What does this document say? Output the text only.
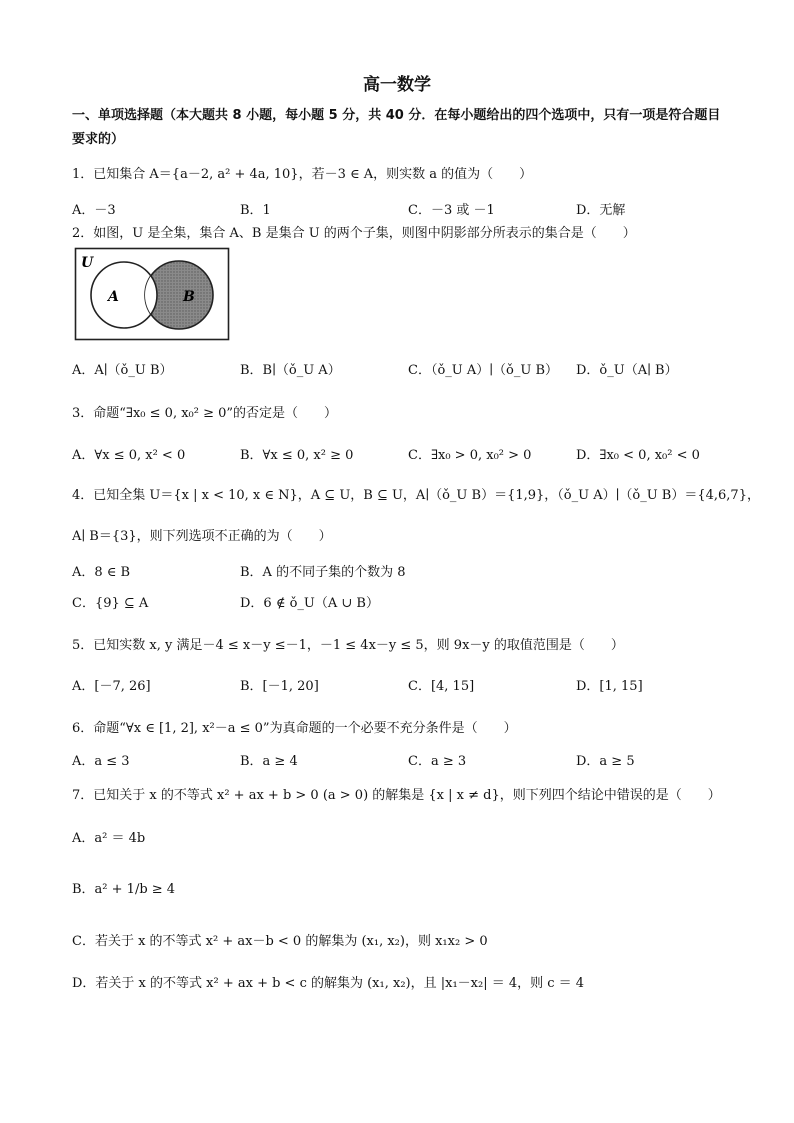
高一数学
一、单项选择题（本大题共 8 小题，每小题 5 分，共 40 分．在每小题给出的四个选项中，只有一项是符合题目要求的）
1．已知集合 A＝{a－2, a² + 4a, 10}，若－3 ∈ A，则实数 a 的值为（　　）
A．－3	B．1	C．－3 或 －1	D．无解
2．如图，U 是全集，集合 A、B 是集合 U 的两个子集，则图中阴影部分所表示的集合是（　　）
U
A	B
A．A∣（ǒ_U B）	B．B∣（ǒ_U A）	C．（ǒ_U A）∣（ǒ_U B） D．ǒ_U（A∣ B）
3．命题“∃x₀ ≤ 0, x₀² ≥ 0”的否定是（　　）
A．∀x ≤ 0, x² < 0	B．∀x ≤ 0, x² ≥ 0	C．∃x₀ > 0, x₀² > 0	D．∃x₀ < 0, x₀² < 0
4．已知全集 U＝{x | x < 10, x ∈ N}，A ⊆ U，B ⊆ U，A∣（ǒ_U B）＝{1,9}，（ǒ_U A）∣（ǒ_U B）＝{4,6,7}，
A∣ B＝{3}，则下列选项不正确的为（　　）
A．8 ∈ B	B．A 的不同子集的个数为 8
C．{9} ⊆ A	D．6 ∉ ǒ_U（A ∪ B）
5．已知实数 x, y 满足－4 ≤ x－y ≤－1，－1 ≤ 4x－y ≤ 5，则 9x－y 的取值范围是（　　）
A．[－7, 26]	B．[－1, 20]	C．[4, 15]	D．[1, 15]
6．命题“∀x ∈ [1, 2], x²－a ≤ 0”为真命题的一个必要不充分条件是（　　）
A．a ≤ 3	B．a ≥ 4	C．a ≥ 3	D．a ≥ 5
7．已知关于 x 的不等式 x² + ax + b > 0 (a > 0) 的解集是 {x | x ≠ d}，则下列四个结论中错误的是（　　）
A．a² ＝ 4b
B．a² + 1/b ≥ 4
C．若关于 x 的不等式 x² + ax－b < 0 的解集为 (x₁, x₂)，则 x₁x₂ > 0
D．若关于 x 的不等式 x² + ax + b < c 的解集为 (x₁, x₂)，且 |x₁－x₂| ＝ 4，则 c ＝ 4
